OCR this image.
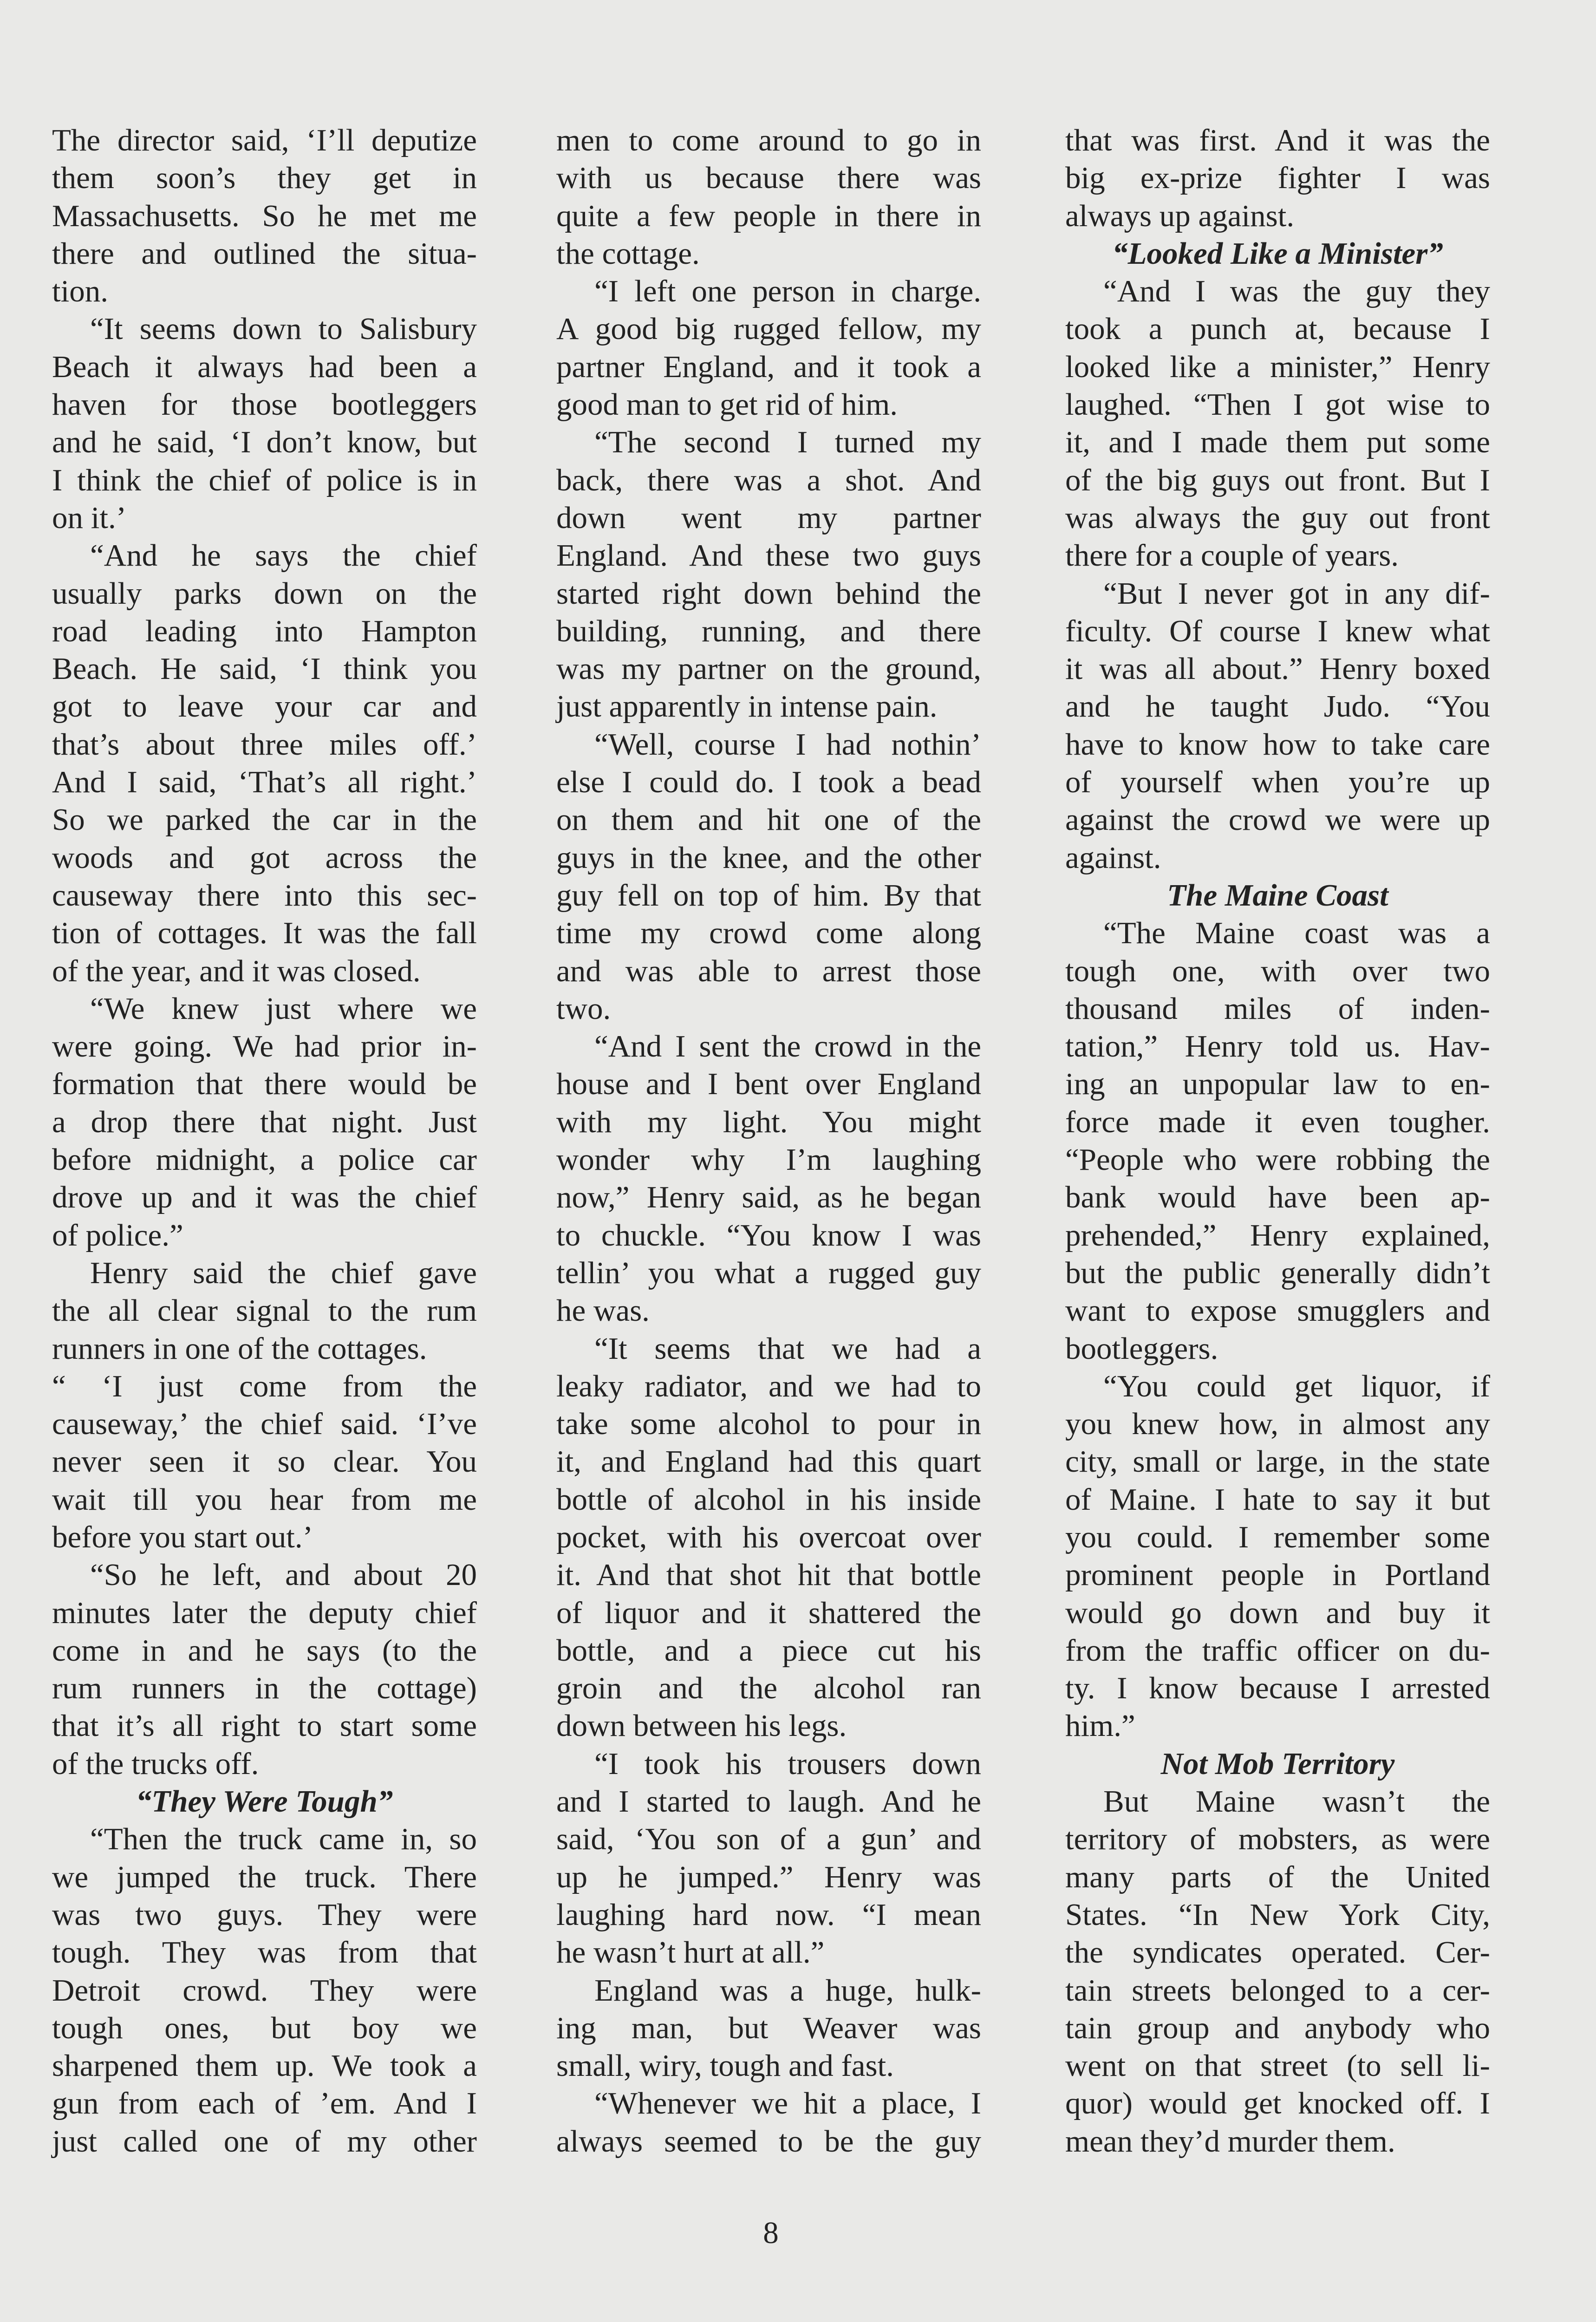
The director said, ‘I’ll deputize
them soon’s they get in
Massachusetts. So he met me
there and outlined the situa-
tion.
“It seems down to Salisbury
Beach it always had been a
haven for those bootleggers
and he said, ‘I don’t know, but
I think the chief of police is in
on it.’
“And he says the chief
usually parks down on the
road leading into Hampton
Beach. He said, ‘I think you
got to leave your car and
that’s about three miles off.’
And I said, ‘That’s all right.’
So we parked the car in the
woods and got across the
causeway there into this sec-
tion of cottages. It was the fall
of the year, and it was closed.
“We knew just where we
were going. We had prior in-
formation that there would be
a drop there that night. Just
before midnight, a police car
drove up and it was the chief
of police.”
Henry said the chief gave
the all clear signal to the rum
runners in one of the cottages.
“ ‘I just come from the
causeway,’ the chief said. ‘I’ve
never seen it so clear. You
wait till you hear from me
before you start out.’
“So he left, and about 20
minutes later the deputy chief
come in and he says (to the
rum runners in the cottage)
that it’s all right to start some
of the trucks off.
“They Were Tough”
“Then the truck came in, so
we jumped the truck. There
was two guys. They were
tough. They was from that
Detroit crowd. They were
tough ones, but boy we
sharpened them up. We took a
gun from each of ’em. And I
just called one of my other
men to come around to go in
with us because there was
quite a few people in there in
the cottage.
“I left one person in charge.
A good big rugged fellow, my
partner England, and it took a
good man to get rid of him.
“The second I turned my
back, there was a shot. And
down went my partner
England. And these two guys
started right down behind the
building, running, and there
was my partner on the ground,
just apparently in intense pain.
“Well, course I had nothin’
else I could do. I took a bead
on them and hit one of the
guys in the knee, and the other
guy fell on top of him. By that
time my crowd come along
and was able to arrest those
two.
“And I sent the crowd in the
house and I bent over England
with my light. You might
wonder why I’m laughing
now,” Henry said, as he began
to chuckle. “You know I was
tellin’ you what a rugged guy
he was.
“It seems that we had a
leaky radiator, and we had to
take some alcohol to pour in
it, and England had this quart
bottle of alcohol in his inside
pocket, with his overcoat over
it. And that shot hit that bottle
of liquor and it shattered the
bottle, and a piece cut his
groin and the alcohol ran
down between his legs.
“I took his trousers down
and I started to laugh. And he
said, ‘You son of a gun’ and
up he jumped.” Henry was
laughing hard now. “I mean
he wasn’t hurt at all.”
England was a huge, hulk-
ing man, but Weaver was
small, wiry, tough and fast.
“Whenever we hit a place, I
always seemed to be the guy
that was first. And it was the
big ex-prize fighter I was
always up against.
“Looked Like a Minister”
“And I was the guy they
took a punch at, because I
looked like a minister,” Henry
laughed. “Then I got wise to
it, and I made them put some
of the big guys out front. But I
was always the guy out front
there for a couple of years.
“But I never got in any dif-
ficulty. Of course I knew what
it was all about.” Henry boxed
and he taught Judo. “You
have to know how to take care
of yourself when you’re up
against the crowd we were up
against.
The Maine Coast
“The Maine coast was a
tough one, with over two
thousand miles of inden-
tation,” Henry told us. Hav-
ing an unpopular law to en-
force made it even tougher.
“People who were robbing the
bank would have been ap-
prehended,” Henry explained,
but the public generally didn’t
want to expose smugglers and
bootleggers.
“You could get liquor, if
you knew how, in almost any
city, small or large, in the state
of Maine. I hate to say it but
you could. I remember some
prominent people in Portland
would go down and buy it
from the traffic officer on du-
ty. I know because I arrested
him.”
Not Mob Territory
But Maine wasn’t the
territory of mobsters, as were
many parts of the United
States. “In New York City,
the syndicates operated. Cer-
tain streets belonged to a cer-
tain group and anybody who
went on that street (to sell li-
quor) would get knocked off. I
mean they’d murder them.
8
